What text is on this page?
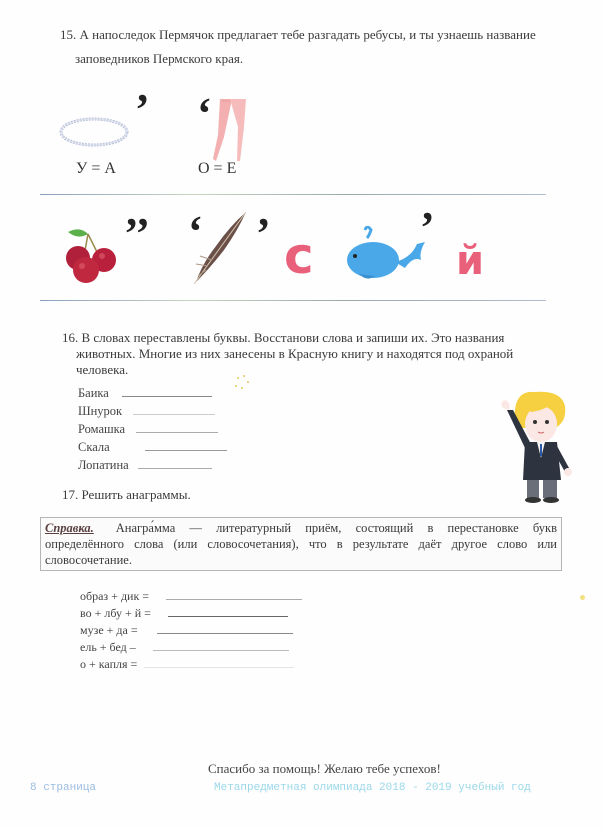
15. А напоследок Пермячок предлагает тебе разгадать ребусы, и ты узнаешь название
заповедников Пермского края.
’
У = А
‘
О = Е
’’ ‘ ’ с ’
й
16. В словах переставлены буквы. Восстанови слова и запиши их. Это названия

животных. Многие из них занесены в Красную книгу и находятся под охраной
человека.
Баика
Шнурок
Ромашка
Скала
Лопатина
17. Решить анаграммы.
Справка. Анагра́мма — литературный приём, состоящий в перестановке букв определённого слова (или словосочетания), что в результате даёт другое слово или словосочетание.
образ + дик =
во + лбу + й =
музе + да =
ель + бед –
о + капля =
Спасибо за помощь! Желаю тебе успехов!
8 страница	Метапредметная олимпиада 2018 - 2019 учебный год
